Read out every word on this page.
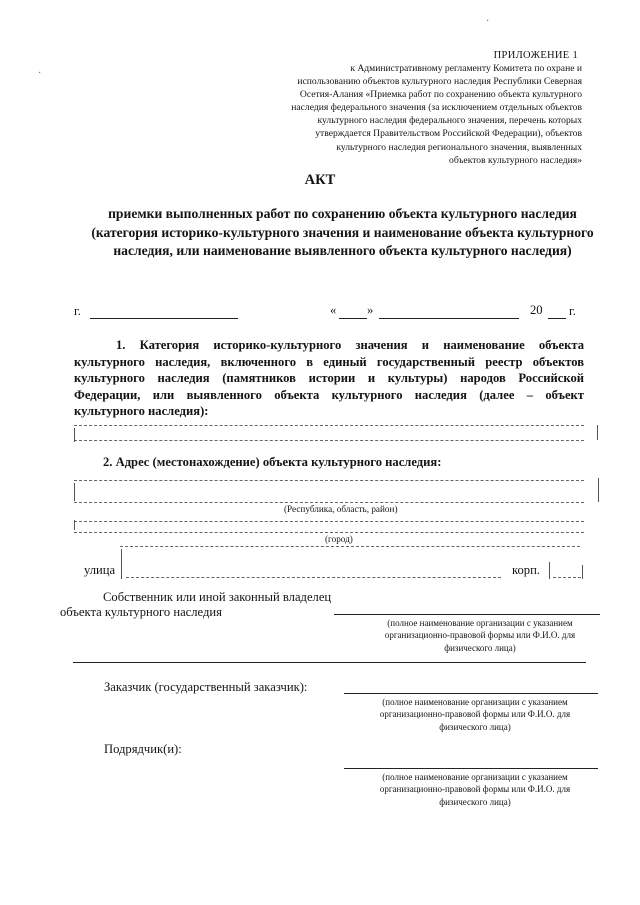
ПРИЛОЖЕНИЕ 1
к Административному регламенту Комитета по охране и
использованию объектов культурного наследия Республики Северная
Осетия-Алания «Приемка работ по сохранению объекта культурного
наследия федерального значения (за исключением отдельных объектов
культурного наследия федерального значения, перечень которых
утверждается Правительством Российской Федерации), объектов
культурного наследия регионального значения, выявленных
объектов культурного наследия»
АКТ
приемки выполненных работ по сохранению объекта культурного наследия (категория историко-культурного значения и наименование объекта культурного наследия, или наименование выявленного объекта культурного наследия)
г.	« »	20 г.
1. Категория историко-культурного значения и наименование объекта культурного наследия, включенного в единый государственный реестр объектов культурного наследия (памятников истории и культуры) народов Российской Федерации, или выявленного объекта культурного наследия (далее – объект культурного наследия):
2. Адрес (местонахождение) объекта культурного наследия:
(Республика, область, район)
(город)
улица	корп.
Собственник или иной законный владелец
объекта культурного наследия
(полное наименование организации с указанием организационно-правовой формы или Ф.И.О. для физического лица)
Заказчик (государственный заказчик):
(полное наименование организации с указанием организационно-правовой формы или Ф.И.О. для физического лица)
Подрядчик(и):
(полное наименование организации с указанием организационно-правовой формы или Ф.И.О. для физического лица)
·
·
